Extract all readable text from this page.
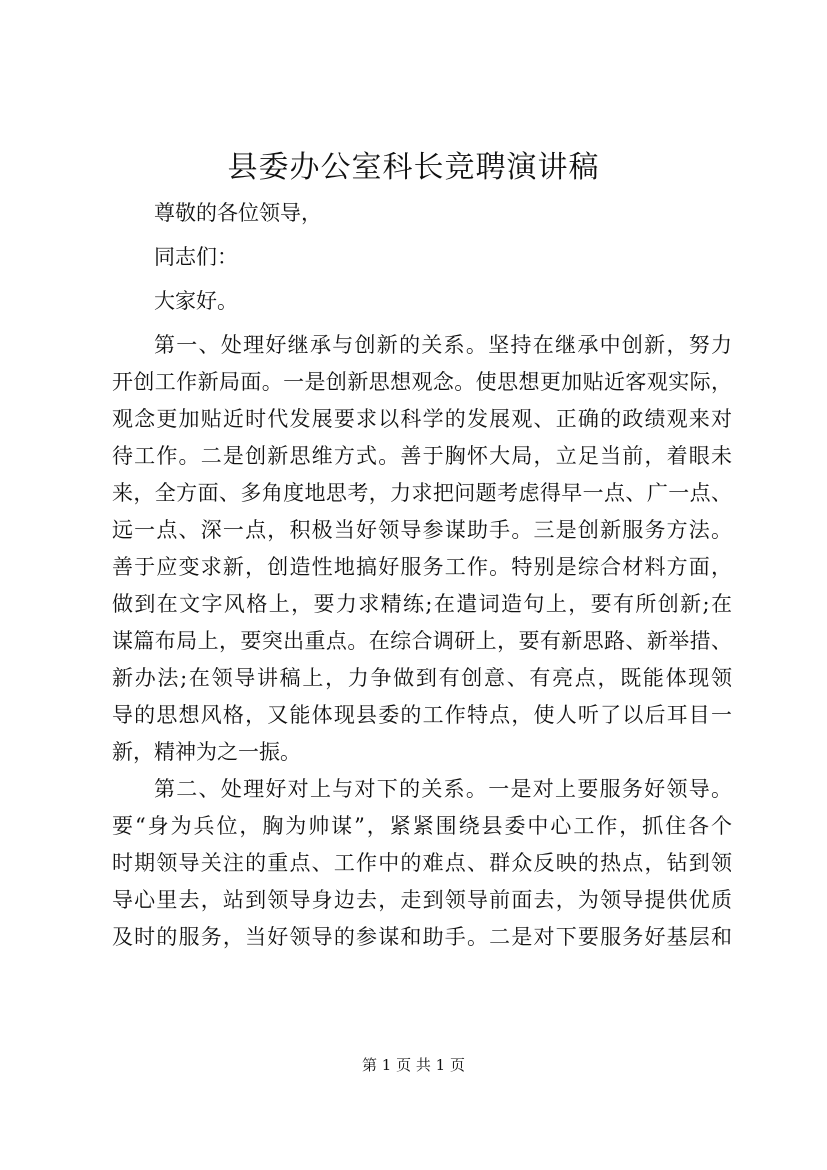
县委办公室科长竞聘演讲稿
尊敬的各位领导，
同志们：
大家好。
第一、处理好继承与创新的关系。坚持在继承中创新，努力
开创工作新局面。一是创新思想观念。使思想更加贴近客观实际，
观念更加贴近时代发展要求以科学的发展观、正确的政绩观来对
待工作。二是创新思维方式。善于胸怀大局，立足当前，着眼未
来，全方面、多角度地思考，力求把问题考虑得早一点、广一点、
远一点、深一点，积极当好领导参谋助手。三是创新服务方法。
善于应变求新，创造性地搞好服务工作。特别是综合材料方面，
做到在文字风格上，要力求精练;在遣词造句上，要有所创新;在
谋篇布局上，要突出重点。在综合调研上，要有新思路、新举措、
新办法;在领导讲稿上，力争做到有创意、有亮点，既能体现领
导的思想风格，又能体现县委的工作特点，使人听了以后耳目一
新，精神为之一振。
第二、处理好对上与对下的关系。一是对上要服务好领导。
要“身为兵位，胸为帅谋”，紧紧围绕县委中心工作，抓住各个
时期领导关注的重点、工作中的难点、群众反映的热点，钻到领
导心里去，站到领导身边去，走到领导前面去，为领导提供优质
及时的服务，当好领导的参谋和助手。二是对下要服务好基层和
第 1 页 共 1 页
